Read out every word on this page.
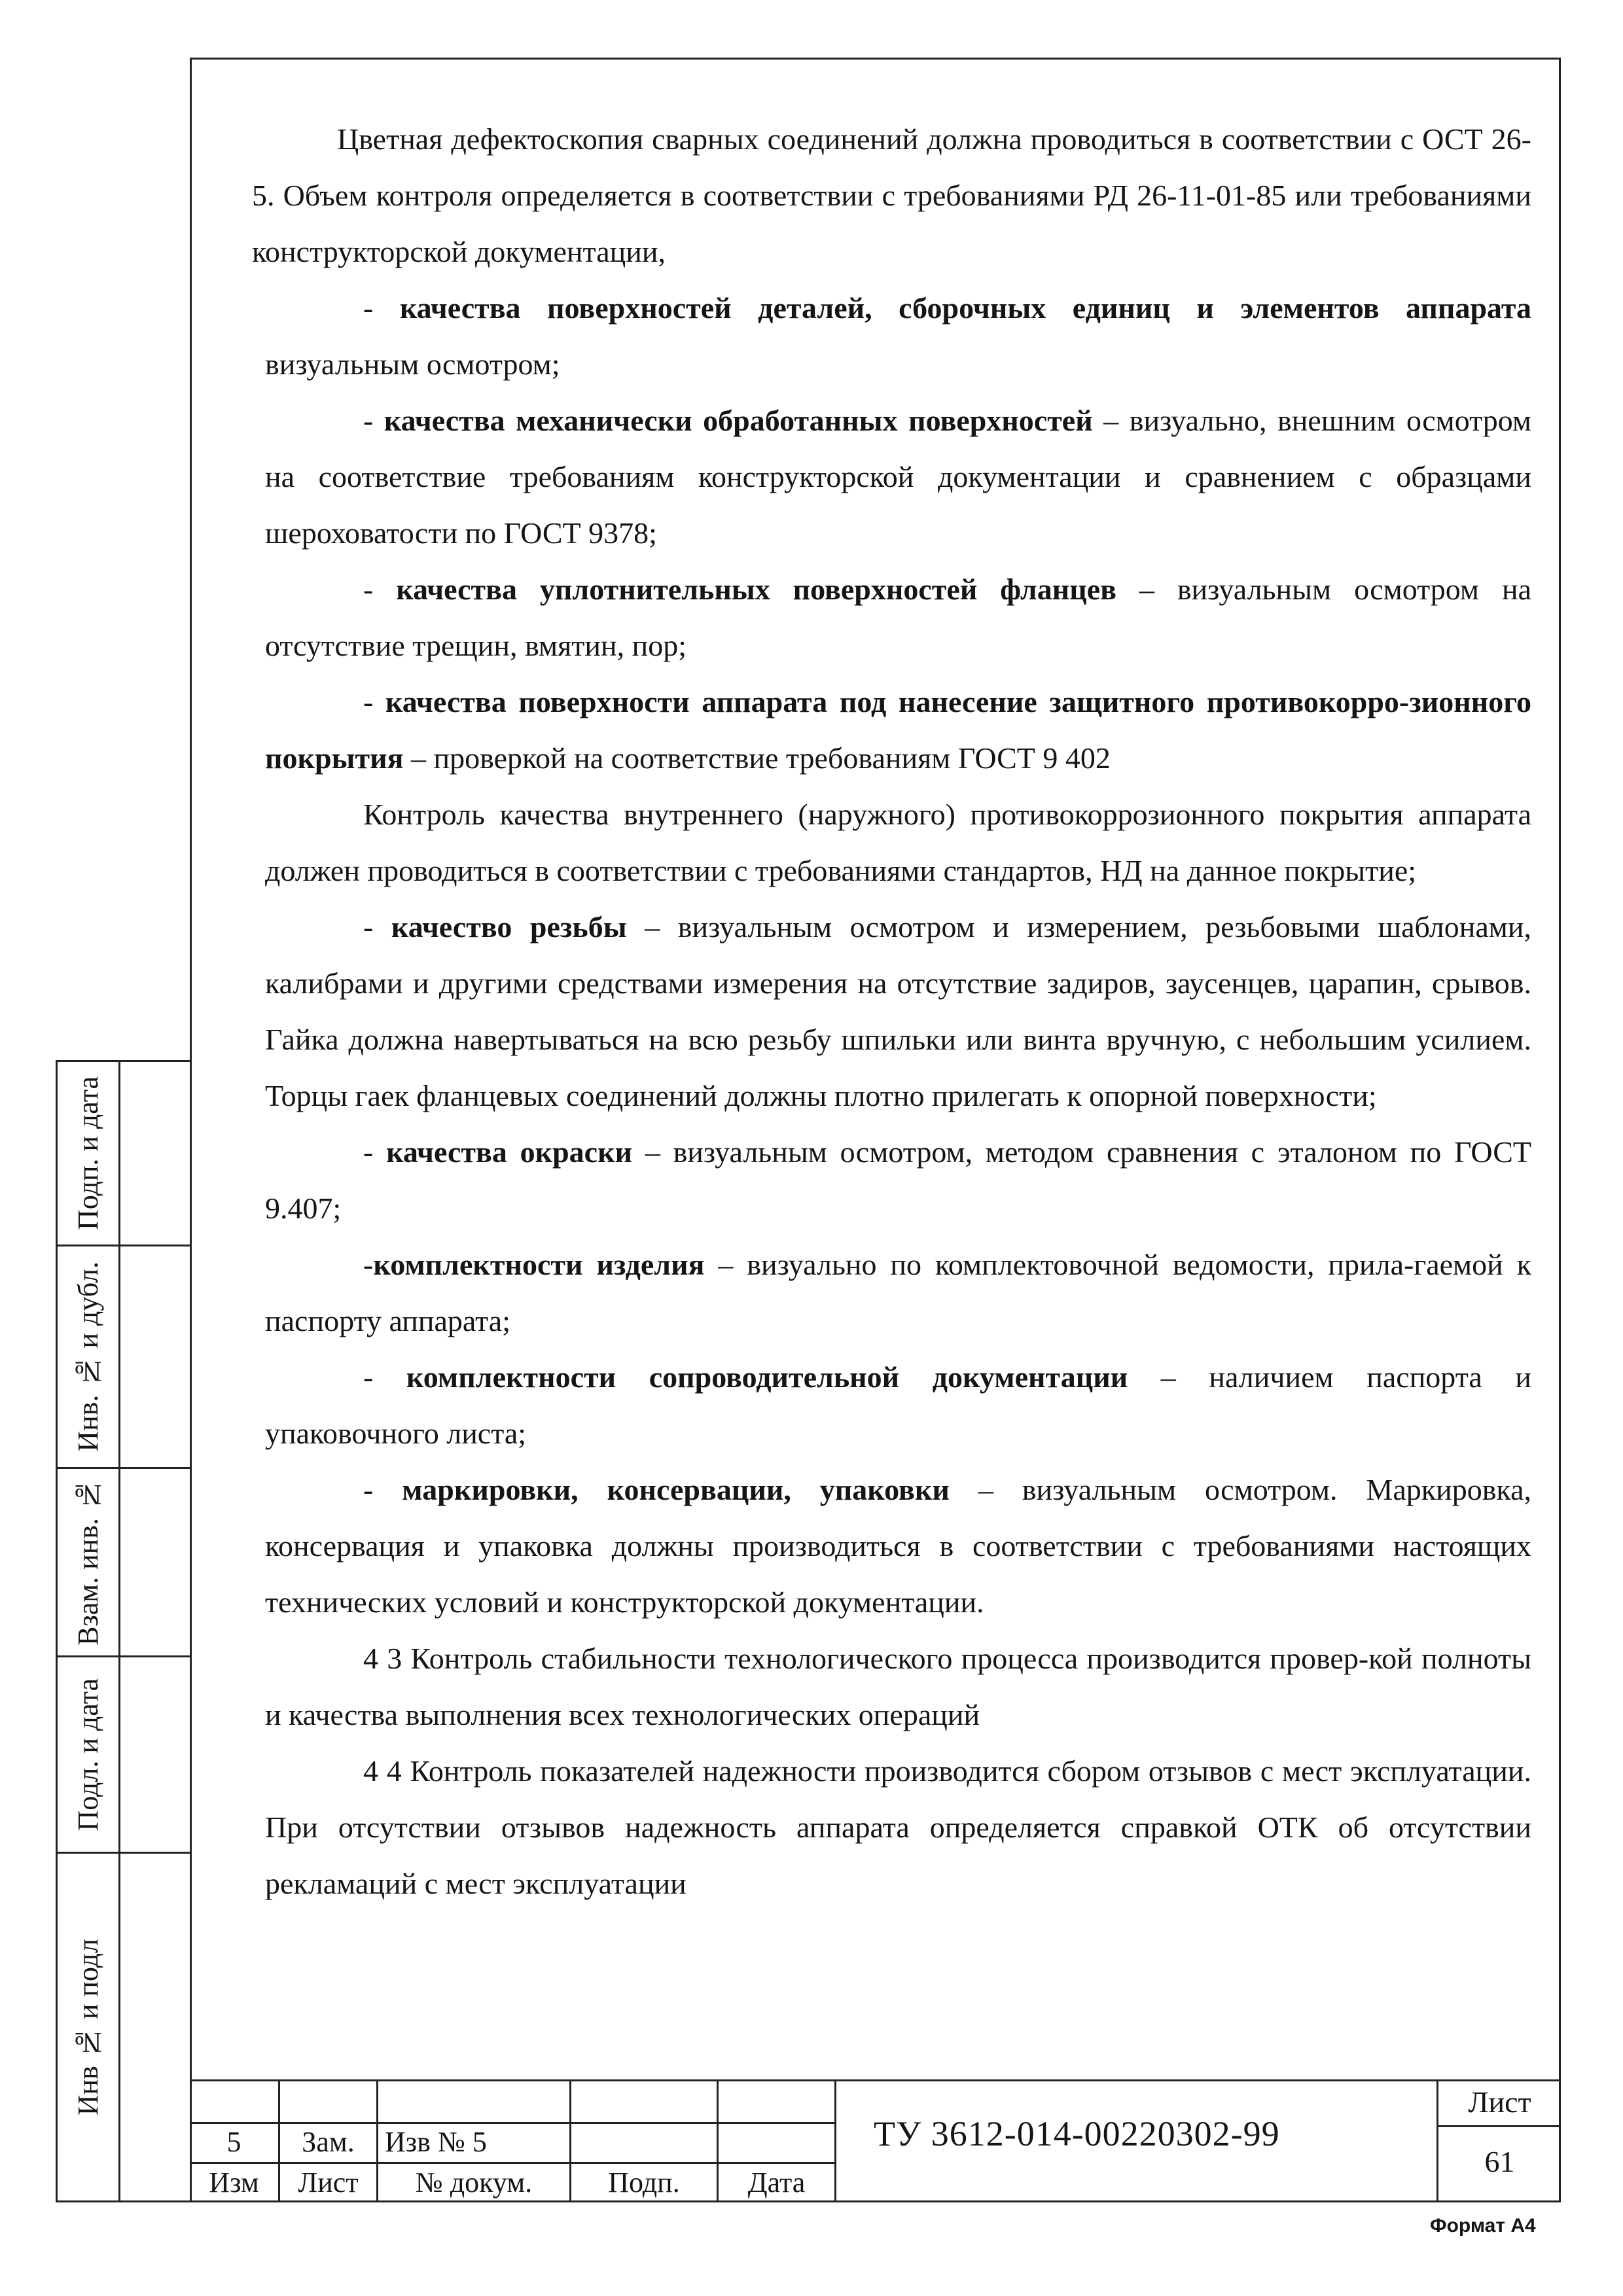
Подп. и дата
Инв. № и дубл.
Взам. инв. №
Подл. и дата
Инв № и подл

Цветная дефектоскопия сварных соединений должна проводиться в соответствии с ОСТ 26-5. Объем контроля определяется в соответствии с требованиями РД 26-11-01-85 или требованиями конструкторской документации,

- качества поверхностей деталей, сборочных единиц и элементов аппарата визуальным осмотром;

- качества механически обработанных поверхностей – визуально, внешним осмотром на соответствие требованиям конструкторской документации и сравнением с образцами шероховатости по ГОСТ 9378;

- качества уплотнительных поверхностей фланцев – визуальным осмотром на отсутствие трещин, вмятин, пор;

- качества поверхности аппарата под нанесение защитного противокорро-зионного покрытия – проверкой на соответствие требованиям ГОСТ 9 402

Контроль качества внутреннего (наружного) противокоррозионного покрытия аппарата должен проводиться в соответствии с требованиями стандартов, НД на данное покрытие;

- качество резьбы – визуальным осмотром и измерением, резьбовыми шаблонами, калибрами и другими средствами измерения на отсутствие задиров, заусенцев, царапин, срывов. Гайка должна навертываться на всю резьбу шпильки или винта вручную, с небольшим усилием. Торцы гаек фланцевых соединений должны плотно прилегать к опорной поверхности;

- качества окраски – визуальным осмотром, методом сравнения с эталоном по ГОСТ 9.407;

-комплектности изделия – визуально по комплектовочной ведомости, прила-гаемой к паспорту аппарата;

- комплектности сопроводительной документации – наличием паспорта и упаковочного листа;

- маркировки, консервации, упаковки – визуальным осмотром. Маркировка, консервация и упаковка должны производиться в соответствии с требованиями настоящих технических условий и конструкторской документации.

4 3 Контроль стабильности технологического процесса производится провер-кой полноты и качества выполнения всех технологических операций

4 4 Контроль показателей надежности производится сбором отзывов с мест эксплуатации. При отсутствии отзывов надежность аппарата определяется справкой ОТК об отсутствии рекламаций с мест эксплуатации

5	Зам.	Изв № 5
Изм	Лист	№ докум.	Подп.	Дата
ТУ 3612-014-00220302-99
Лист
61
Формат А4
